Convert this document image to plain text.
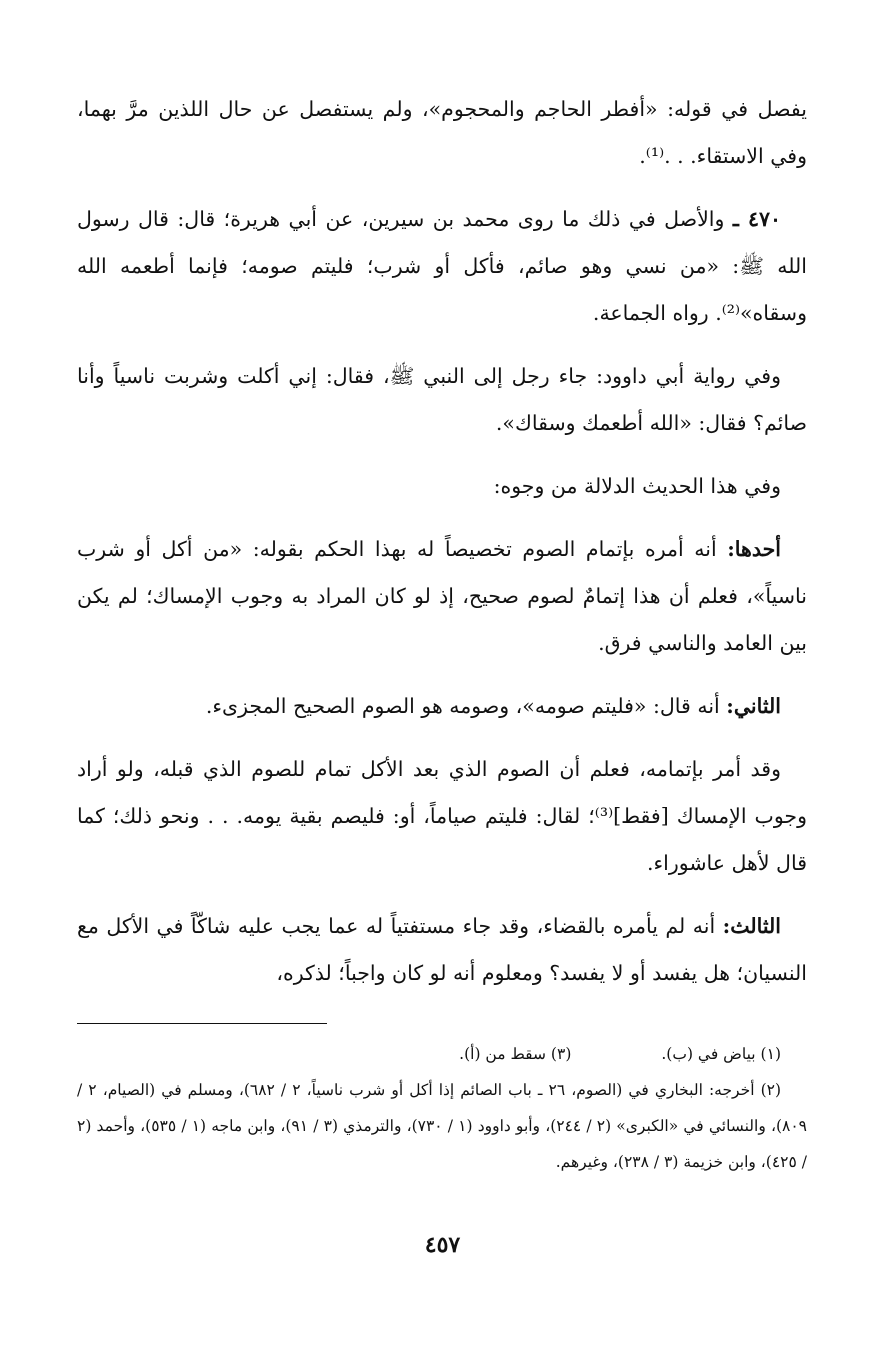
يفصل في قوله: «أفطر الحاجم والمحجوم»، ولم يستفصل عن حال اللذين مرَّ بهما، وفي الاستقاء. . .⁽¹⁾.

٤٧٠ ـ والأصل في ذلك ما روى محمد بن سيرين، عن أبي هريرة؛ قال: قال رسول الله ﷺ: «من نسي وهو صائم، فأكل أو شرب؛ فليتم صومه؛ فإنما أطعمه الله وسقاه»⁽²⁾. رواه الجماعة.

وفي رواية أبي داوود: جاء رجل إلى النبي ﷺ، فقال: إني أكلت وشربت ناسياً وأنا صائم؟ فقال: «الله أطعمك وسقاك».

وفي هذا الحديث الدلالة من وجوه:

أحدها: أنه أمره بإتمام الصوم تخصيصاً له بهذا الحكم بقوله: «من أكل أو شرب ناسياً»، فعلم أن هذا إتمامٌ لصوم صحيح، إذ لو كان المراد به وجوب الإمساك؛ لم يكن بين العامد والناسي فرق.

الثاني: أنه قال: «فليتم صومه»، وصومه هو الصوم الصحيح المجزىء.

وقد أمر بإتمامه، فعلم أن الصوم الذي بعد الأكل تمام للصوم الذي قبله، ولو أراد وجوب الإمساك [فقط]⁽³⁾؛ لقال: فليتم صياماً، أو: فليصم بقية يومه. . . ونحو ذلك؛ كما قال لأهل عاشوراء.

الثالث: أنه لم يأمره بالقضاء، وقد جاء مستفتياً له عما يجب عليه شاكّاً في الأكل مع النسيان؛ هل يفسد أو لا يفسد؟ ومعلوم أنه لو كان واجباً؛ لذكره،

(١) بياض في (ب).
(٣) سقط من (أ).
(٢) أخرجه: البخاري في (الصوم، ٢٦ ـ باب الصائم إذا أكل أو شرب ناسياً، ٢ / ٦٨٢)، ومسلم في (الصيام، ٢ / ٨٠٩)، والنسائي في «الكبرى» (٢ / ٢٤٤)، وأبو داوود (١ / ٧٣٠)، والترمذي (٣ / ٩١)، وابن ماجه (١ / ٥٣٥)، وأحمد (٢ / ٤٢٥)، وابن خزيمة (٣ / ٢٣٨)، وغيرهم.
٤٥٧
